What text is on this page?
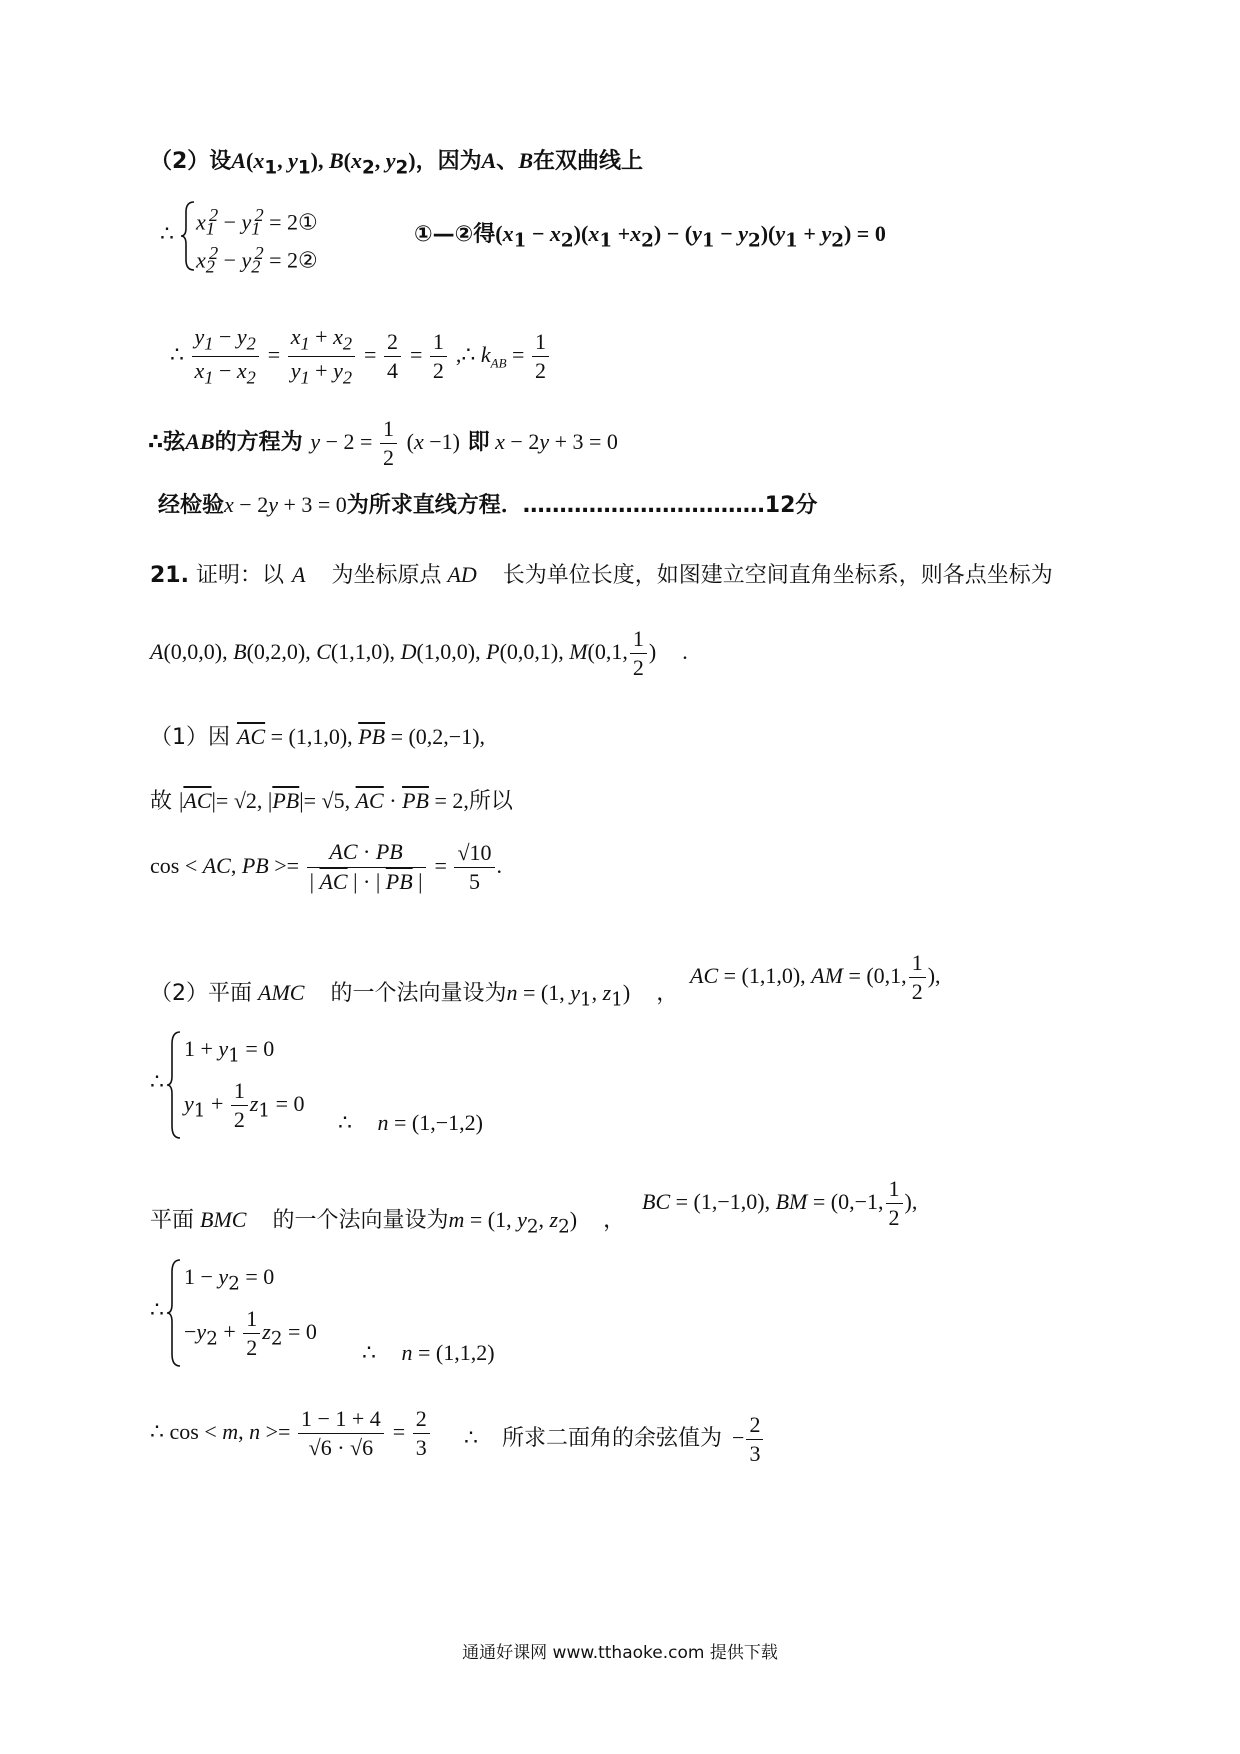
（2）设$A(x_1$, $y_1$), $B(x_2$, $y_2$)，因为A、B在双曲线上
∴
$x_1^2 - y_1^2$ = 2①
$x_2^2 - y_2^2$ = 2②
①—②得$(x_1 - x_2)(x_1 +x_2) - (y_1 - y_2)(y_1 + y_2) = 0$
∴ $\frac{y_1 - y_2}{x_1 - x_2} = \frac{x_1 + x_2}{y_1 + y_2} = \frac{2}{4} = \frac{1}{2}$ ,∴ $k_{AB} = \frac{1}{2}$
∴弦AB的方程为 $y - 2 = \frac{1}{2} (x -1)$ 即 x − 2y + 3 = 0
经检验x − 2y + 3 = 0为所求直线方程．……………………………12分
21. 证明：以 A 为坐标原点 AD 长为单位长度，如图建立空间直角坐标系，则各点坐标为
A(0,0,0), B(0,2,0), C(1,1,0), D(1,0,0), P(0,0,1), M(0,1, $\frac{1}{2}$ ) .
（1）因 $\overline{AC} = (1,1,0)$, $\overline{PB} = (0,2,-1)$,
故 $|\overline{AC}|= √2$, $|\overline{PB}|= √5$, $\overline{AC} \cdot \overline{PB} = 2$,所以
cos < AC, PB >= $\frac{AC \cdot PB}{| \overline{AC} | \cdot | \overline{PB} |} = \frac{√10}{5}$ .
（2）平面 AMC 的一个法向量设为n = (1, $y_1$, $z_1$) ，
AC = (1,1,0), AM = (0,1, $\frac{1}{2}$ ),
∴
$1 + y_1 = 0$
$y_1 + \frac{1}{2} z_1 = 0$
∴ n = (1,−1,2)
平面 BMC 的一个法向量设为m = (1, $y_2$, $z_2$) ，
BC = (1,−1,0), BM = (0,−1, $\frac{1}{2}$ ),
∴
$1 - y_2 = 0$
$-y_2 + \frac{1}{2} z_2 = 0$
∴ n = (1,1,2)
∴ cos < m, $n >= \frac{1 - 1 + 4}{√6 \cdot √6} = \frac{2}{3}$ ∴ 所求二面角的余弦值为 − $\frac{2}{3}$
通通好课网 www.tthaoke.com 提供下载
